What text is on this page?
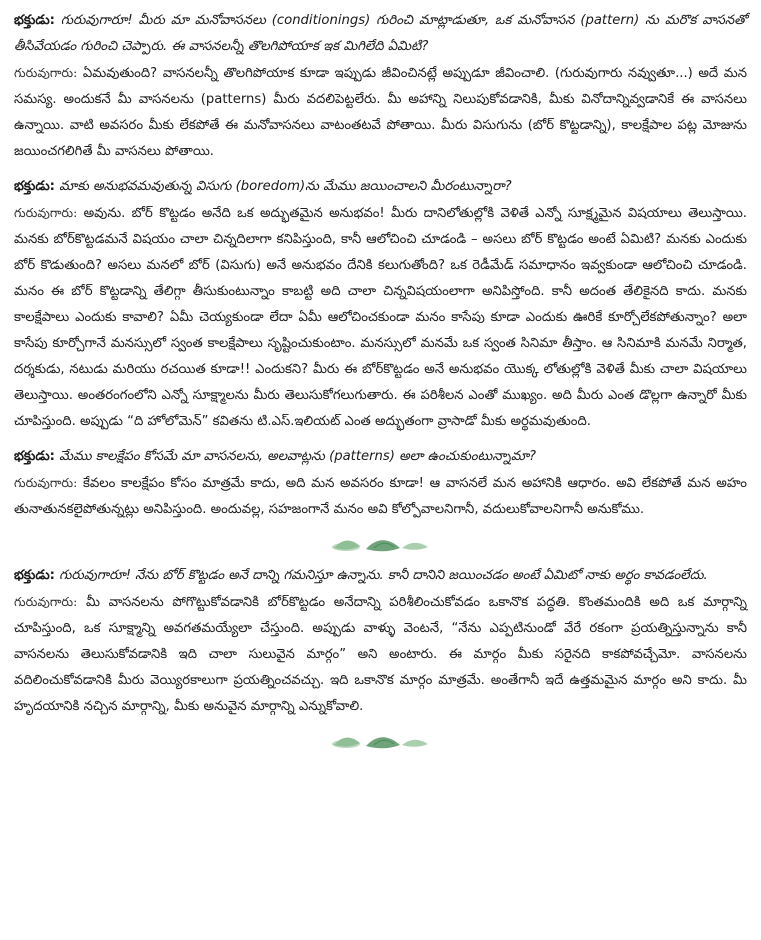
భక్తుడు: గురువుగారూ! మీరు మా మనోవాసనలు (conditionings) గురించి మాట్లాడుతూ, ఒక మనోవాసన (pattern) ను మరొక వాసనతో తీసివేయడం గురించి చెప్పారు. ఈ వాసనలన్నీ తొలగిపోయాక ఇక మిగిలేది ఏమిటి?

గురువుగారు: ఏమవుతుంది? వాసనలన్నీ తొలగిపోయాక కూడా ఇప్పుడు జీవించినట్లే అప్పుడూ జీవించాలి. (గురువుగారు నవ్వుతూ...) అదే మన సమస్య. అందుకనే మీ వాసనలను (patterns) మీరు వదలిపెట్టలేరు. మీ అహాన్ని నిలుపుకోవడానికి, మీకు వినోదాన్నివ్వడానికే ఈ వాసనలు ఉన్నాయి. వాటి అవసరం మీకు లేకపోతే ఈ మనోవాసనలు వాటంతటవే పోతాయి. మీరు విసుగును (బోర్ కొట్టడాన్ని), కాలక్షేపాల పట్ల మోజును జయించగలిగితే మీ వాసనలు పోతాయి.

భక్తుడు: మాకు అనుభవమవుతున్న విసుగు (boredom)ను మేము జయించాలని మీరంటున్నారా?

గురువుగారు: అవును. బోర్ కొట్టడం అనేది ఒక అద్భుతమైన అనుభవం! మీరు దానిలోతుల్లోకి వెళితే ఎన్నో సూక్ష్మమైన విషయాలు తెలుస్తాయి. మనకు బోర్‌కొట్టడమనే విషయం చాలా చిన్నదిలాగా కనిపిస్తుంది, కానీ ఆలోచించి చూడండి – అసలు బోర్ కొట్టడం అంటే ఏమిటి? మనకు ఎందుకు బోర్ కొడుతుంది? అసలు మనలో బోర్ (విసుగు) అనే అనుభవం దేనికి కలుగుతోంది? ఒక రెడీమేడ్ సమాధానం ఇవ్వకుండా ఆలోచించి చూడండి. మనం ఈ బోర్ కొట్టడాన్ని తేలిగ్గా తీసుకుంటున్నాం కాబట్టి అది చాలా చిన్నవిషయంలాగా అనిపిస్తోంది. కానీ అదంత తేలికైనది కాదు. మనకు కాలక్షేపాలు ఎందుకు కావాలి? ఏమీ చెయ్యకుండా లేదా ఏమీ ఆలోచించకుండా మనం కాసేపు కూడా ఎందుకు ఊరికే కూర్చోలేకపోతున్నాం? అలా కాసేపు కూర్చోగానే మనస్సులో స్వంత కాలక్షేపాలు సృష్టించుకుంటాం. మనస్సులో మనమే ఒక స్వంత సినిమా తీస్తాం. ఆ సినిమాకి మనమే నిర్మాత, దర్శకుడు, నటుడు మరియు రచయిత కూడా!! ఎందుకని? మీరు ఈ బోర్‌కొట్టడం అనే అనుభవం యొక్క లోతుల్లోకి వెళితే మీకు చాలా విషయాలు తెలుస్తాయి. అంతరంగంలోని ఎన్నో సూక్ష్మాలను మీరు తెలుసుకోగలుగుతారు. ఈ పరిశీలన ఎంతో ముఖ్యం. అది మీరు ఎంత డొల్లగా ఉన్నారో మీకు చూపిస్తుంది. అప్పుడు “ది హోలోమెన్” కవితను టి.ఎస్.ఇలియట్ ఎంత అద్భుతంగా వ్రాసాడో మీకు అర్థమవుతుంది.

భక్తుడు: మేము కాలక్షేపం కోసమే మా వాసనలను, అలవాట్లను (patterns) అలా ఉంచుకుంటున్నామా?

గురువుగారు: కేవలం కాలక్షేపం కోసం మాత్రమే కాదు, అది మన అవసరం కూడా! ఆ వాసనలే మన అహానికి ఆధారం. అవి లేకపోతే మన అహం తునాతునకలైపోతున్నట్లు అనిపిస్తుంది. అందువల్ల, సహజంగానే మనం అవి కోల్పోవాలనిగానీ, వదులుకోవాలనిగానీ అనుకోము.

భక్తుడు: గురువుగారూ! నేను బోర్ కొట్టడం అనే దాన్ని గమనిస్తూ ఉన్నాను. కానీ దానిని జయించడం అంటే ఏమిటో నాకు అర్థం కావడంలేదు.

గురువుగారు: మీ వాసనలను పోగొట్టుకోవడానికి బోర్‌కొట్టడం అనేదాన్ని పరిశీలించుకోవడం ఒకానొక పద్ధతి. కొంతమందికి అది ఒక మార్గాన్ని చూపిస్తుంది, ఒక సూక్ష్మాన్ని అవగతమయ్యేలా చేస్తుంది. అప్పుడు వాళ్ళు వెంటనే, “నేను ఎప్పటినుండో వేరే రకంగా ప్రయత్నిస్తున్నాను కానీ వాసనలను తెలుసుకోవడానికి ఇది చాలా సులువైన మార్గం” అని అంటారు. ఈ మార్గం మీకు సరైనది కాకపోవచ్చేమో. వాసనలను వదిలించుకోవడానికి మీరు వెయ్యిరకాలుగా ప్రయత్నించవచ్చు. ఇది ఒకానొక మార్గం మాత్రమే. అంతేగానీ ఇదే ఉత్తమమైన మార్గం అని కాదు. మీ హృదయానికి నచ్చిన మార్గాన్ని, మీకు అనువైన మార్గాన్ని ఎన్నుకోవాలి.
